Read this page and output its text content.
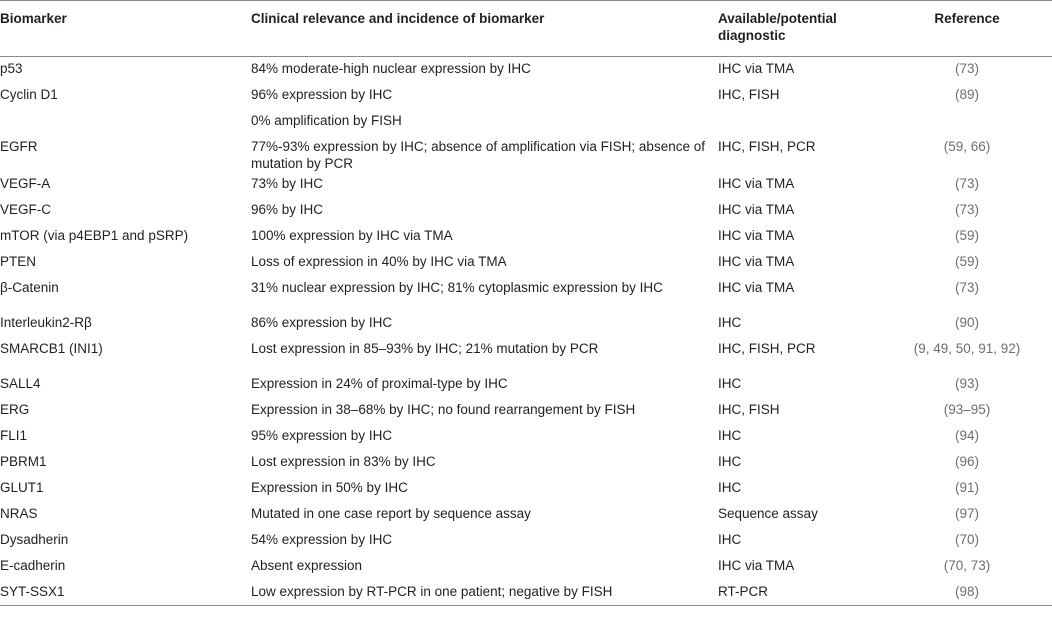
Biomarker	Clinical relevance and incidence of biomarker	Available/potential diagnostic	Reference
p53	84% moderate-high nuclear expression by IHC	IHC via TMA	(73)
Cyclin D1	96% expression by IHC	IHC, FISH	(89)
	0% amplification by FISH		
EGFR	77%-93% expression by IHC; absence of amplification via FISH; absence of mutation by PCR	IHC, FISH, PCR	(59, 66)
VEGF-A	73% by IHC	IHC via TMA	(73)
VEGF-C	96% by IHC	IHC via TMA	(73)
mTOR (via p4EBP1 and pSRP)	100% expression by IHC via TMA	IHC via TMA	(59)
PTEN	Loss of expression in 40% by IHC via TMA	IHC via TMA	(59)
β-Catenin	31% nuclear expression by IHC; 81% cytoplasmic expression by IHC	IHC via TMA	(73)
Interleukin2-Rβ	86% expression by IHC	IHC	(90)
SMARCB1 (INI1)	Lost expression in 85–93% by IHC; 21% mutation by PCR	IHC, FISH, PCR	(9, 49, 50, 91, 92)
SALL4	Expression in 24% of proximal-type by IHC	IHC	(93)
ERG	Expression in 38–68% by IHC; no found rearrangement by FISH	IHC, FISH	(93–95)
FLI1	95% expression by IHC	IHC	(94)
PBRM1	Lost expression in 83% by IHC	IHC	(96)
GLUT1	Expression in 50% by IHC	IHC	(91)
NRAS	Mutated in one case report by sequence assay	Sequence assay	(97)
Dysadherin	54% expression by IHC	IHC	(70)
E-cadherin	Absent expression	IHC via TMA	(70, 73)
SYT-SSX1	Low expression by RT-PCR in one patient; negative by FISH	RT-PCR	(98)
